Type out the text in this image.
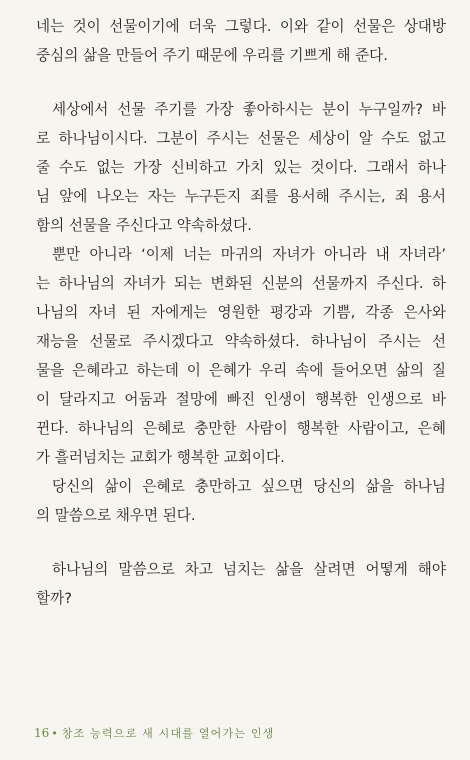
네는 것이 선물이기에 더욱 그렇다. 이와 같이 선물은 상대방
중심의 삶을 만들어 주기 때문에 우리를 기쁘게 해 준다.
세상에서 선물 주기를 가장 좋아하시는 분이 누구일까? 바
로 하나님이시다. 그분이 주시는 선물은 세상이 알 수도 없고
줄 수도 없는 가장 신비하고 가치 있는 것이다. 그래서 하나
님 앞에 나오는 자는 누구든지 죄를 용서해 주시는, 죄 용서
함의 선물을 주신다고 약속하셨다.
뿐만 아니라 ‘이제 너는 마귀의 자녀가 아니라 내 자녀라’
는 하나님의 자녀가 되는 변화된 신분의 선물까지 주신다. 하
나님의 자녀 된 자에게는 영원한 평강과 기쁨, 각종 은사와
재능을 선물로 주시겠다고 약속하셨다. 하나님이 주시는 선
물을 은혜라고 하는데 이 은혜가 우리 속에 들어오면 삶의 질
이 달라지고 어둠과 절망에 빠진 인생이 행복한 인생으로 바
뀐다. 하나님의 은혜로 충만한 사람이 행복한 사람이고, 은혜
가 흘러넘치는 교회가 행복한 교회이다.
당신의 삶이 은혜로 충만하고 싶으면 당신의 삶을 하나님
의 말씀으로 채우면 된다.
하나님의 말씀으로 차고 넘치는 삶을 살려면 어떻게 해야
할까?
16 • 창조 능력으로 새 시대를 열어가는 인생
